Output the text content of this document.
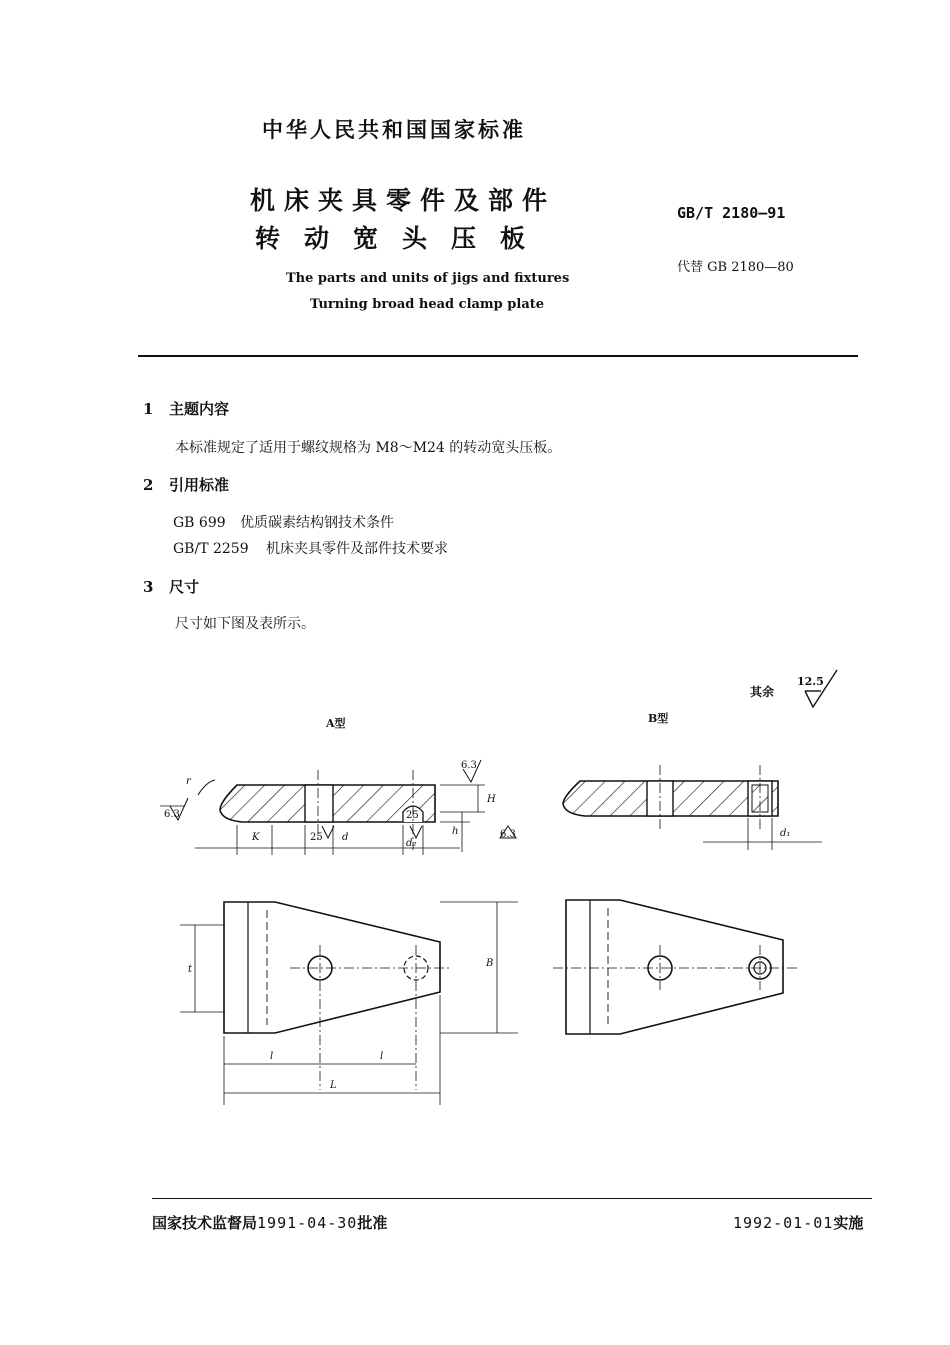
中华人民共和国国家标准
机床夹具零件及部件
转动宽头压板
GB/T 2180—91
代替 GB 2180—80
The parts and units of jigs and fixtures
Turning broad head clamp plate
1 主题内容
本标准规定了适用于螺纹规格为 M8～M24 的转动宽头压板。
2 引用标准
GB 699 优质碳素结构钢技术条件
GB/T 2259 机床夹具零件及部件技术要求
3 尺寸
尺寸如下图及表所示。
其余
12.5
A型	B型
r
6.3
6.3
6.3
H
h
K	25 d
25
d₂
d₁
t
B
l	l
L
国家技术监督局1991-04-30批准	1992-01-01实施
